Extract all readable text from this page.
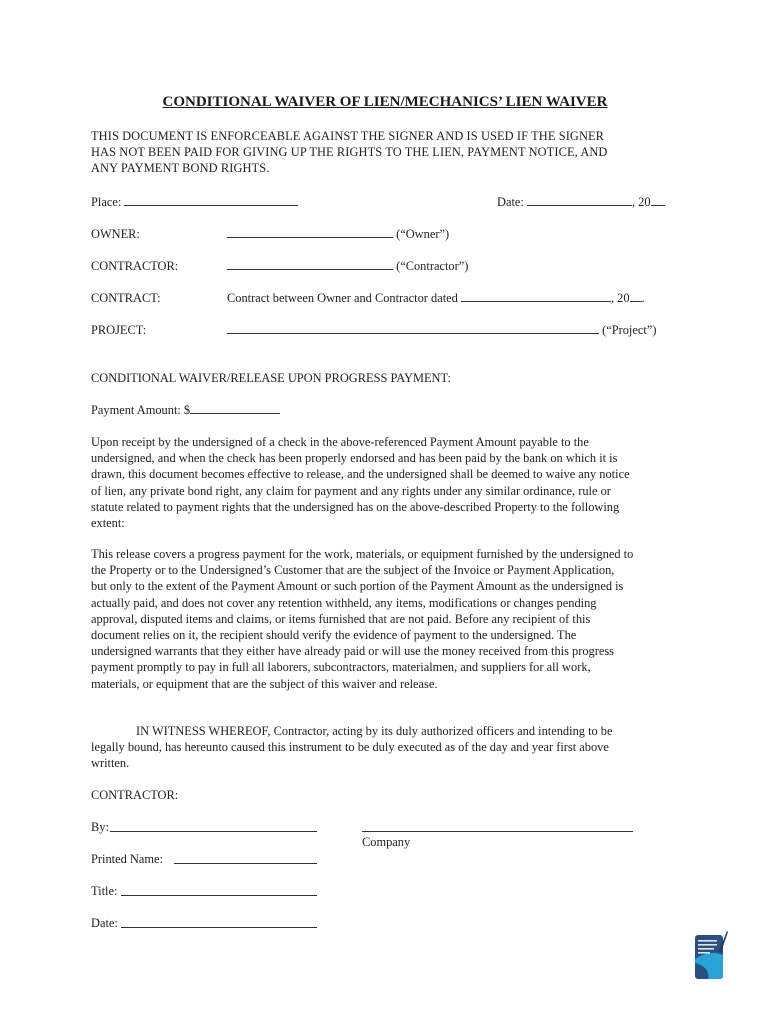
CONDITIONAL WAIVER OF LIEN/MECHANICS’ LIEN WAIVER
THIS DOCUMENT IS ENFORCEABLE AGAINST THE SIGNER AND IS USED IF THE SIGNER
HAS NOT BEEN PAID FOR GIVING UP THE RIGHTS TO THE LIEN, PAYMENT NOTICE, AND
ANY PAYMENT BOND RIGHTS.
Place:	Date:	, 20
OWNER:	(“Owner”)
CONTRACTOR:	(“Contractor”)
CONTRACT:	Contract between Owner and Contractor dated	, 20 .
PROJECT:	(“Project”)
CONDITIONAL WAIVER/RELEASE UPON PROGRESS PAYMENT:
Payment Amount: $
Upon receipt by the undersigned of a check in the above-referenced Payment Amount payable to the
undersigned, and when the check has been properly endorsed and has been paid by the bank on which it is
drawn, this document becomes effective to release, and the undersigned shall be deemed to waive any notice
of lien, any private bond right, any claim for payment and any rights under any similar ordinance, rule or
statute related to payment rights that the undersigned has on the above-described Property to the following
extent:
This release covers a progress payment for the work, materials, or equipment furnished by the undersigned to
the Property or to the Undersigned’s Customer that are the subject of the Invoice or Payment Application,
but only to the extent of the Payment Amount or such portion of the Payment Amount as the undersigned is
actually paid, and does not cover any retention withheld, any items, modifications or changes pending
approval, disputed items and claims, or items furnished that are not paid. Before any recipient of this
document relies on it, the recipient should verify the evidence of payment to the undersigned. The
undersigned warrants that they either have already paid or will use the money received from this progress
payment promptly to pay in full all laborers, subcontractors, materialmen, and suppliers for all work,
materials, or equipment that are the subject of this waiver and release.
IN WITNESS WHEREOF, Contractor, acting by its duly authorized officers and intending to be
legally bound, has hereunto caused this instrument to be duly executed as of the day and year first above
written.
CONTRACTOR:
By:
Company
Printed Name:
Title:
Date:
